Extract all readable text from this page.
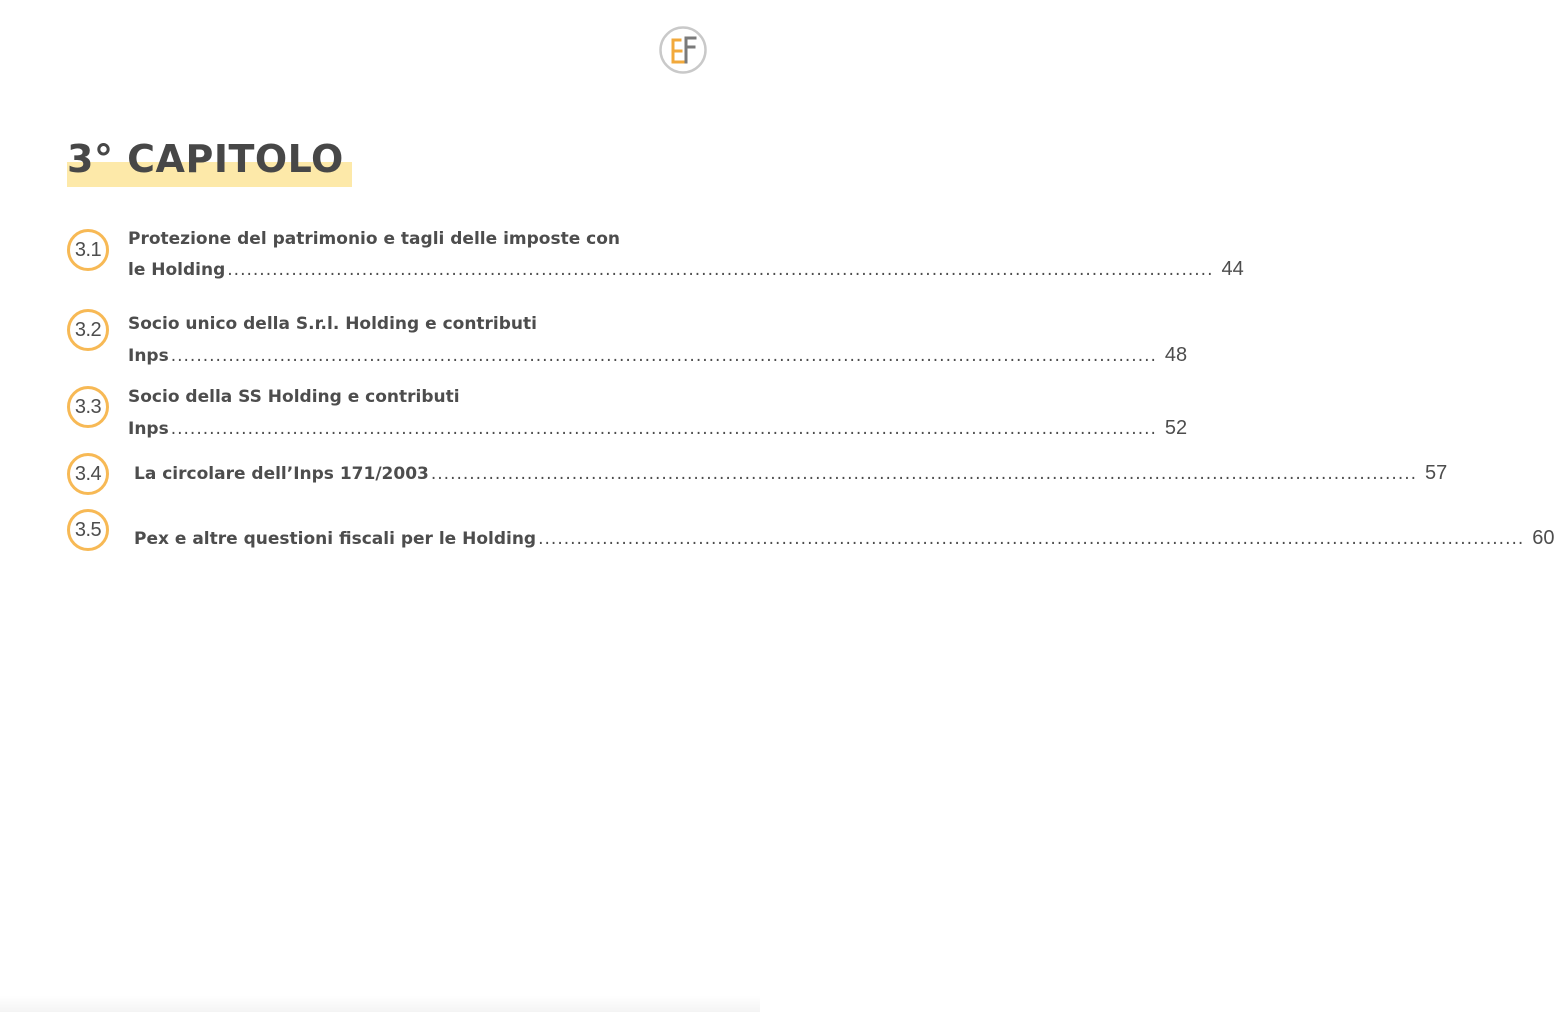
3° CAPITOLO
3.1	Protezione del patrimonio e tagli delle imposte con
le Holding .......................................................................................................................................................... 44
3.2	Socio unico della S.r.l. Holding e contributi
Inps .......................................................................................................................................................... 48
3.3	Socio della SS Holding e contributi
Inps .......................................................................................................................................................... 52
3.4	La circolare dell’Inps 171/2003 .......................................................................................................................................................... 57
3.5	Pex e altre questioni fiscali per le Holding .......................................................................................................................................................... 60
